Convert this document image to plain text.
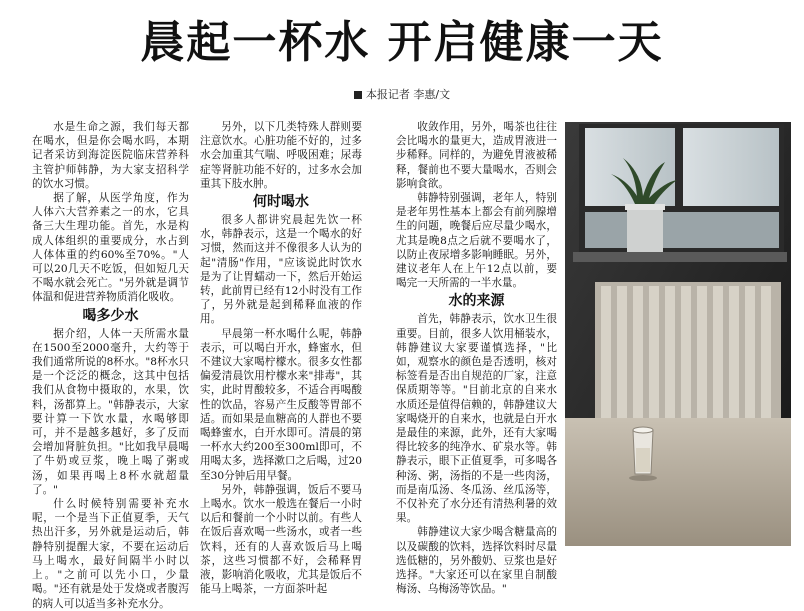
晨起一杯水 开启健康一天
本报记者 李惠/文

水是生命之源，我们每天都在喝水，但是你会喝水吗，本期记者采访到海淀医院临床营养科主管护师韩静，为大家支招科学的饮水习惯。

据了解，从医学角度，作为人体六大营养素之一的水，它具备三大生理功能。首先，水是构成人体组织的重要成分，水占到人体体重的约60%至70%。"人可以20几天不吃饭，但如短几天不喝水就会死亡。"另外就是调节体温和促进营养物质消化吸收。

喝多少水

据介绍，人体一天所需水量在1500至2000毫升，大约等于我们通常所说的8杯水。"8杯水只是一个泛泛的概念，这其中包括我们从食物中摄取的，水果，饮料，汤都算上。"韩静表示，大家要计算一下饮水量，水喝够即可，并不是越多越好，多了反而会增加肾脏负担。"比如我早晨喝了牛奶或豆浆，晚上喝了粥或汤，如果再喝上8杯水就超量了。"

什么时候特别需要补充水呢，一个是当下正值夏季，天气热出汗多，另外就是运动后，韩静特别提醒大家，不要在运动后马上喝水，最好间隔半小时以上。"之前可以先小口，少量喝。"还有就是处于发烧或者腹泻的病人可以适当多补充水分。

另外，以下几类特殊人群则要注意饮水。心脏功能不好的，过多水会加重其气喘、呼吸困难；尿毒症等肾脏功能不好的，过多水会加重其下肢水肿。

何时喝水

很多人都讲究晨起先饮一杯水，韩静表示，这是一个喝水的好习惯，然而这并不像很多人认为的起"清肠"作用，"应该说此时饮水是为了让胃蠕动一下，然后开始运转，此前胃已经有12小时没有工作了，另外就是起到稀释血液的作用。

早晨第一杯水喝什么呢，韩静表示，可以喝白开水，蜂蜜水，但不建议大家喝柠檬水。很多女性都偏爱清晨饮用柠檬水来"排毒"，其实，此时胃酸较多，不适合再喝酸性的饮品，容易产生反酸等胃部不适。而如果是血糖高的人群也不要喝蜂蜜水，白开水即可。清晨的第一杯水大约200至300ml即可，不用喝太多，选择漱口之后喝，过20至30分钟后用早餐。

另外，韩静强调，饭后不要马上喝水。饮水一般选在餐后一小时以后和餐前一个小时以前。有些人在饭后喜欢喝一些汤水，或者一些饮料，还有的人喜欢饭后马上喝茶，这些习惯都不好，会稀释胃液，影响消化吸收，尤其是饭后不能马上喝茶，一方面茶叶起

收敛作用，另外，喝茶也往往会比喝水的量更大，造成胃液进一步稀释。同样的，为避免胃液被稀释，餐前也不要大量喝水，否则会影响食欲。

韩静特别强调，老年人，特别是老年男性基本上都会有前列腺增生的问题，晚餐后应尽量少喝水，尤其是晚8点之后就不要喝水了，以防止夜尿增多影响睡眠。另外，建议老年人在上午12点以前，要喝完一天所需的一半水量。

水的来源

首先，韩静表示，饮水卫生很重要。目前，很多人饮用桶装水，韩静建议大家要谨慎选择，"比如，观察水的颜色是否透明，核对标签看是否出自规范的厂家，注意保质期等等。"目前北京的自来水水质还是值得信赖的，韩静建议大家喝烧开的自来水，也就是白开水是最佳的来源，此外，还有大家喝得比较多的纯净水、矿泉水等。韩静表示，眼下正值夏季，可多喝各种汤、粥，汤指的不是一些肉汤，而是南瓜汤、冬瓜汤、丝瓜汤等，不仅补充了水分还有清热利暑的效果。

韩静建议大家少喝含糖量高的以及碳酸的饮料，选择饮料时尽量选低糖的，另外酸奶、豆浆也是好选择。"大家还可以在家里自制酸梅汤、乌梅汤等饮品。"
